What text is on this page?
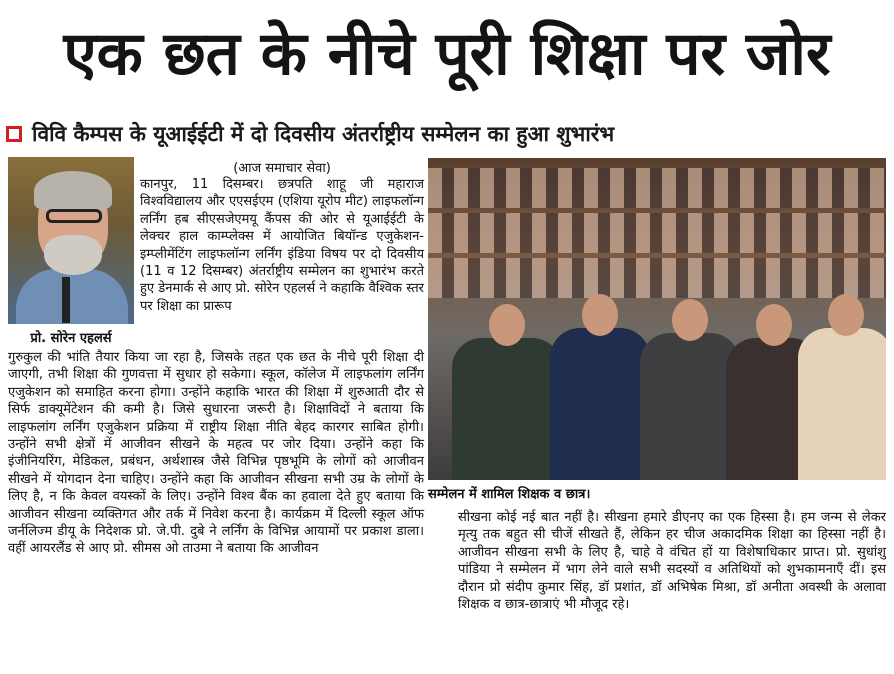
एक छत के नीचे पूरी शिक्षा पर जोर
विवि कैम्पस के यूआईईटी में दो दिवसीय अंतर्राष्ट्रीय सम्मेलन का हुआ शुभारंभ
प्रो. सोरेन एहलर्स
(आज समाचार सेवा)
कानपुर, 11 दिसम्बर। छत्रपति शाहू जी महाराज विश्वविद्यालय और एएसईएम (एशिया यूरोप मीट) लाइफलॉन्ग लर्निंग हब सीएसजेएमयू कैंपस की ओर से यूआईईटी के लेक्चर हाल काम्प्लेक्स में आयोजित बियॉन्ड एजुकेशन-इम्प्लीमेंटिंग लाइफलॉन्ग लर्निंग इंडिया विषय पर दो दिवसीय (11 व 12 दिसम्बर) अंतर्राष्ट्रीय सम्मेलन का शुभारंभ करते हुए डेनमार्क से आए प्रो. सोरेन एहलर्स ने कहाकि वैश्विक स्तर पर शिक्षा का प्रारूप
सम्मेलन में शामिल शिक्षक व छात्र।
गुरुकुल की भांति तैयार किया जा रहा है, जिसके तहत एक छत के नीचे पूरी शिक्षा दी जाएगी, तभी शिक्षा की गुणवत्ता में सुधार हो सकेगा। स्कूल, कॉलेज में लाइफलांग लर्निंग एजुकेशन को समाहित करना होगा। उन्होंने कहाकि भारत की शिक्षा में शुरुआती दौर से सिर्फ डाक्यूमेंटेशन की कमी है। जिसे सुधारना जरूरी है। शिक्षाविदों ने बताया कि लाइफलांग लर्निंग एजुकेशन प्रक्रिया में राष्ट्रीय शिक्षा नीति बेहद कारगर साबित होगी। उन्होंने सभी क्षेत्रों में आजीवन सीखने के महत्व पर जोर दिया। उन्होंने कहा कि इंजीनियरिंग, मेडिकल, प्रबंधन, अर्थशास्त्र जैसे विभिन्न पृष्ठभूमि के लोगों को आजीवन सीखने में योगदान देना चाहिए। उन्होंने कहा कि आजीवन सीखना सभी उम्र के लोगों के लिए है, न कि केवल वयस्कों के लिए। उन्होंने विश्व बैंक का हवाला देते हुए बताया कि आजीवन सीखना व्यक्तिगत और तर्क में निवेश करना है। कार्यक्रम में दिल्ली स्कूल ऑफ जर्नलिज्म डीयू के निदेशक प्रो. जे.पी. दुबे ने लर्निंग के विभिन्न आयामों पर प्रकाश डाला। वहीं आयरलैंड से आए प्रो. सीमस ओ ताउमा ने बताया कि आजीवन
सीखना कोई नई बात नहीं है। सीखना हमारे डीएनए का एक हिस्सा है। हम जन्म से लेकर मृत्यु तक बहुत सी चीजें सीखते हैं, लेकिन हर चीज अकादमिक शिक्षा का हिस्सा नहीं है। आजीवन सीखना सभी के लिए है, चाहे वे वंचित हों या विशेषाधिकार प्राप्त। प्रो. सुधांशु पांडिया ने सम्मेलन में भाग लेने वाले सभी सदस्यों व अतिथियों को शुभकामनाएँ दीं। इस दौरान प्रो संदीप कुमार सिंह, डॉ प्रशांत, डॉ अभिषेक मिश्रा, डॉ अनीता अवस्थी के अलावा शिक्षक व छात्र-छात्राएं भी मौजूद रहे।
